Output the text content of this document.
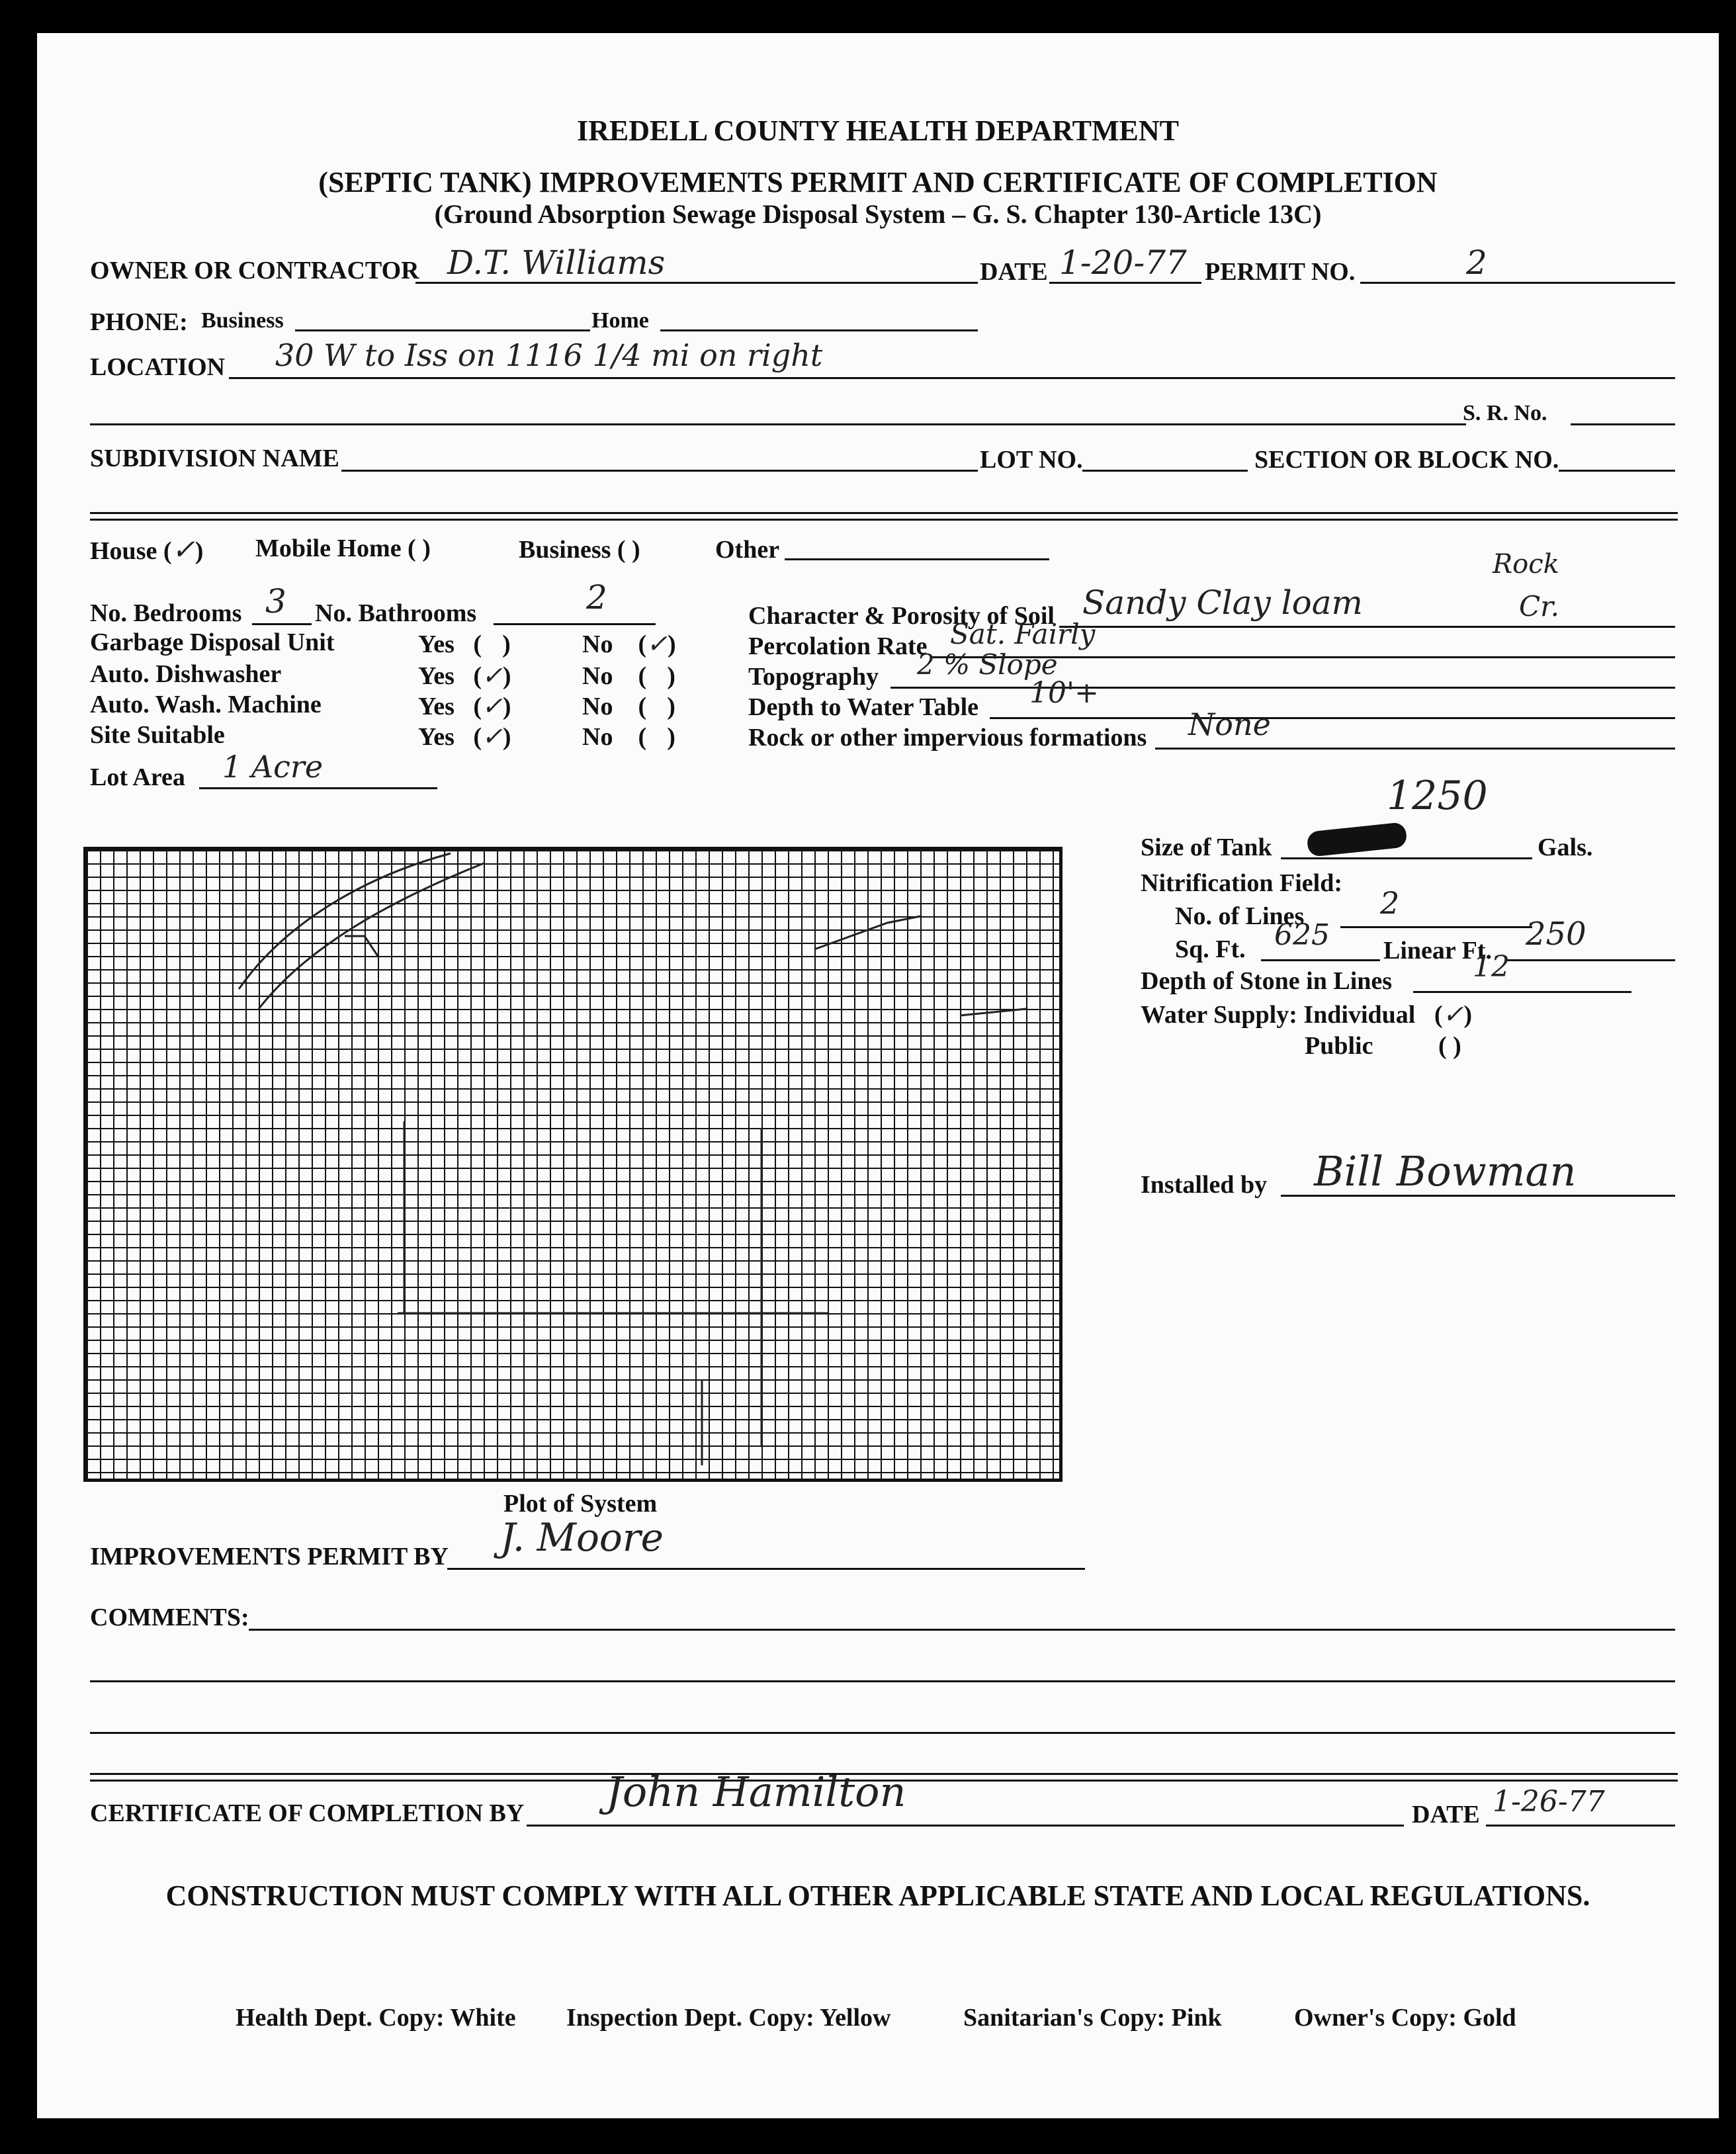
IREDELL COUNTY HEALTH DEPARTMENT
(SEPTIC TANK) IMPROVEMENTS PERMIT AND CERTIFICATE OF COMPLETION
(Ground Absorption Sewage Disposal System – G. S. Chapter 130-Article 13C)
OWNER OR CONTRACTOR D.T. Williams	DATE 1-20-77 PERMIT NO.	2
PHONE: Business	Home
LOCATION 30 W to Iss on 1116 1/4 mi on right
S. R. No.
SUBDIVISION NAME	LOT NO.	SECTION OR BLOCK NO.
House (✓) Mobile Home ( )	Business ( )	Other
No. Bedrooms 3 No. Bathrooms	2
Garbage Disposal Unit	Yes ( )	No (✓)
Auto. Dishwasher	Yes (✓)	No ( )
Auto. Wash. Machine	Yes (✓)	No ( )
Site Suitable	Yes (✓)	No ( )
Lot Area 1 Acre
Character & Porosity of Soil Sandy Clay loam
Rock
Cr.
Percolation Rate Sat. Fairly
Topography 2 % Slope
Depth to Water Table 10'+
Rock or other impervious formations None
Plot of System
1250
Size of Tank	Gals.
Nitrification Field:
No. of Lines 2
Sq. Ft. 625 Linear Ft. 250
Depth of Stone in Lines	12
Water Supply: Individual (✓)
Public	( )
Installed by Bill Bowman
IMPROVEMENTS PERMIT BY J. Moore
COMMENTS:
CERTIFICATE OF COMPLETION BY John Hamilton	DATE 1-26-77
CONSTRUCTION MUST COMPLY WITH ALL OTHER APPLICABLE STATE AND LOCAL REGULATIONS.
Health Dept. Copy: White Inspection Dept. Copy: Yellow	Sanitarian's Copy: Pink	Owner's Copy: Gold
